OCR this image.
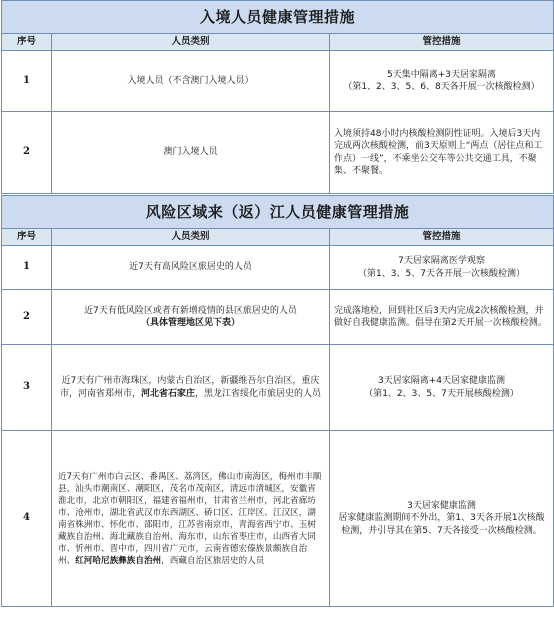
入境人员健康管理措施		
序号	人员类别	管控措施
1	入境人员（不含澳门入境人员）	5天集中隔离+3天居家隔离
（第1、2、3、5、6、8天各开展一次核酸检测）

2	澳门入境人员	入境须持48小时内核酸检测阴性证明。入境后3天内完成两次核酸检测，前3天原则上“两点（居住点和工作点）一线”，不乘坐公交车等公共交通工具，不聚集、不聚餐。

风险区域来（返）江人员健康管理措施		
序号	人员类别	管控措施
1	近7天有高风险区旅居史的人员	7天居家隔离医学观察
（第1、3、5、7天各开展一次核酸检测）

2	近7天有低风险区或者有新增疫情的县区旅居史的人员
（具体管理地区见下表）	完成落地检，回到社区后3天内完成2次核酸检测，并做好自我健康监测。倡导在第2天开展一次核酸检测。

3	近7天有广州市海珠区，内蒙古自治区，新疆维吾尔自治区，重庆市，河南省郑州市，河北省石家庄，黑龙江省绥化市旅居史的人员	3天居家隔离+4天居家健康监测
（第1、2、3、5、7天开展核酸检测）

4	近7天有广州市白云区、番禺区、荔湾区，佛山市南海区，梅州市丰顺县，汕头市潮南区、潮阳区，茂名市茂南区，清远市清城区，安徽省淮北市，北京市朝阳区，福建省福州市，甘肃省兰州市，河北省廊坊市、沧州市，湖北省武汉市东西湖区、硚口区、江岸区、江汉区，湖南省株洲市、怀化市、邵阳市，江苏省南京市，青海省西宁市、玉树藏族自治州、海北藏族自治州、海东市，山东省枣庄市，山西省大同市、忻州市、晋中市，四川省广元市，云南省德宏傣族景颇族自治州、红河哈尼族彝族自治州，西藏自治区旅居史的人员	3天居家健康监测
居家健康监测期间不外出，第1、3天各开展1次核酸检测，并引导其在第5、7天各接受一次核酸检测。
